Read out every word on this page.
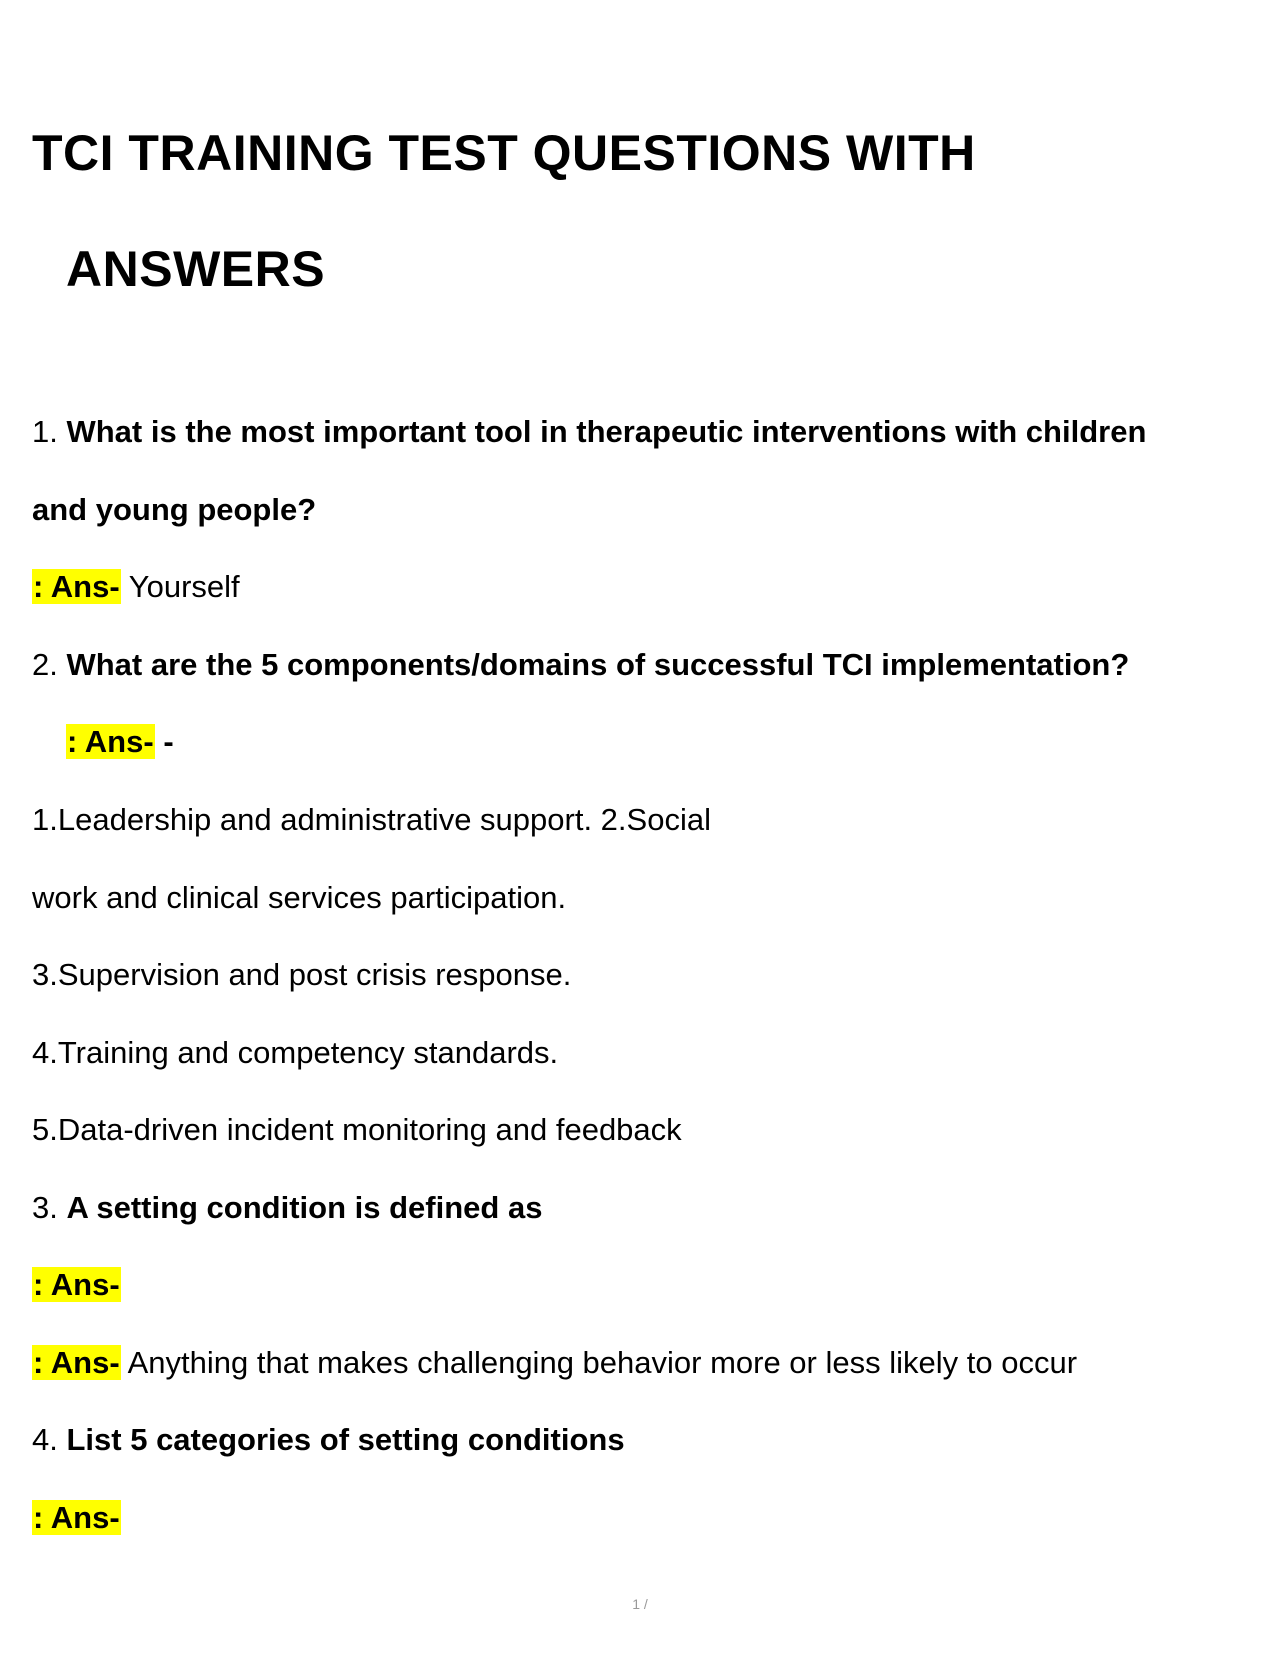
TCI TRAINING TEST QUESTIONS WITH
ANSWERS
1. What is the most important tool in therapeutic interventions with children
and young people?
: Ans- Yourself
2. What are the 5 components/domains of successful TCI implementation?
: Ans- -
1.Leadership and administrative support. 2.Social
work and clinical services participation.
3.Supervision and post crisis response.
4.Training and competency standards.
5.Data-driven incident monitoring and feedback
3. A setting condition is defined as
: Ans-
: Ans- Anything that makes challenging behavior more or less likely to occur
4. List 5 categories of setting conditions
: Ans-
1 /
